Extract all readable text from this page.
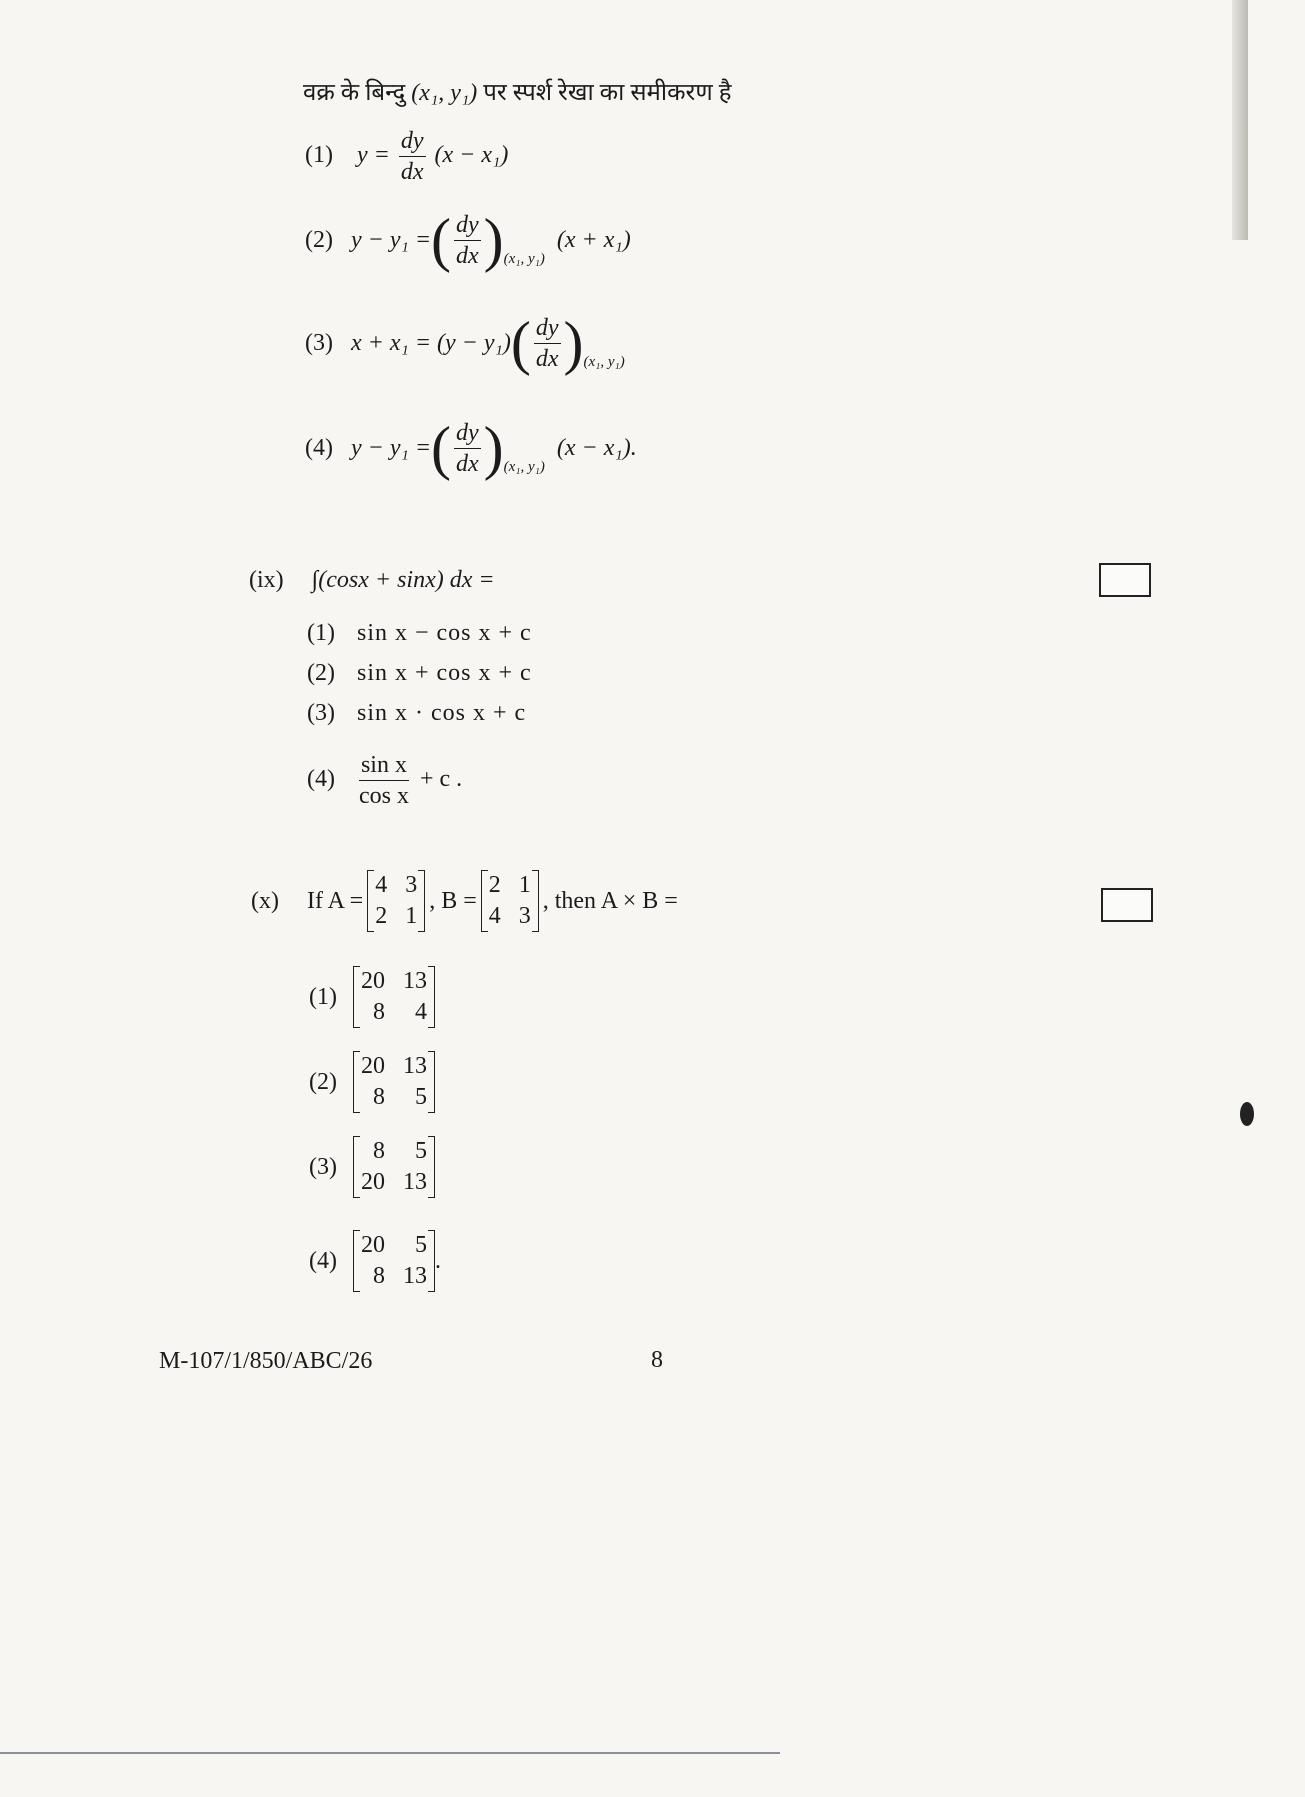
वक्र के बिन्दु (x₁, y₁) पर स्पर्श रेखा का समीकरण है
(1) $y = \frac{dy}{dx} (x - x_1)$
(2) y − y₁ = ( $\frac{dy}{dx}$ ) (x₁, y₁)
(x + x₁)
(3) x + x₁ = (y − y₁) ( $\frac{dy}{dx}$ ) (x₁, y₁)
(4) y − y₁ = ( $\frac{dy}{dx}$ ) (x₁, y₁)
(x − x₁).
(ix) ∫(cosx + sinx) dx =
(1) sin x − cos x + c
(2) sin x + cos x + c
(3) sin x · cos x + c
$(4) \frac{\text{sin x}}{\text{cos x}} + c$ .
(x) If A =
4 3
2 1
, B =
2 1
4 3
, then A × B =
(1)
20 13
8	4
(2)
20 13
8	5
(3)
8	5
20 13
(4)
20	5
8 13
.
M-107/1/850/ABC/26	8
